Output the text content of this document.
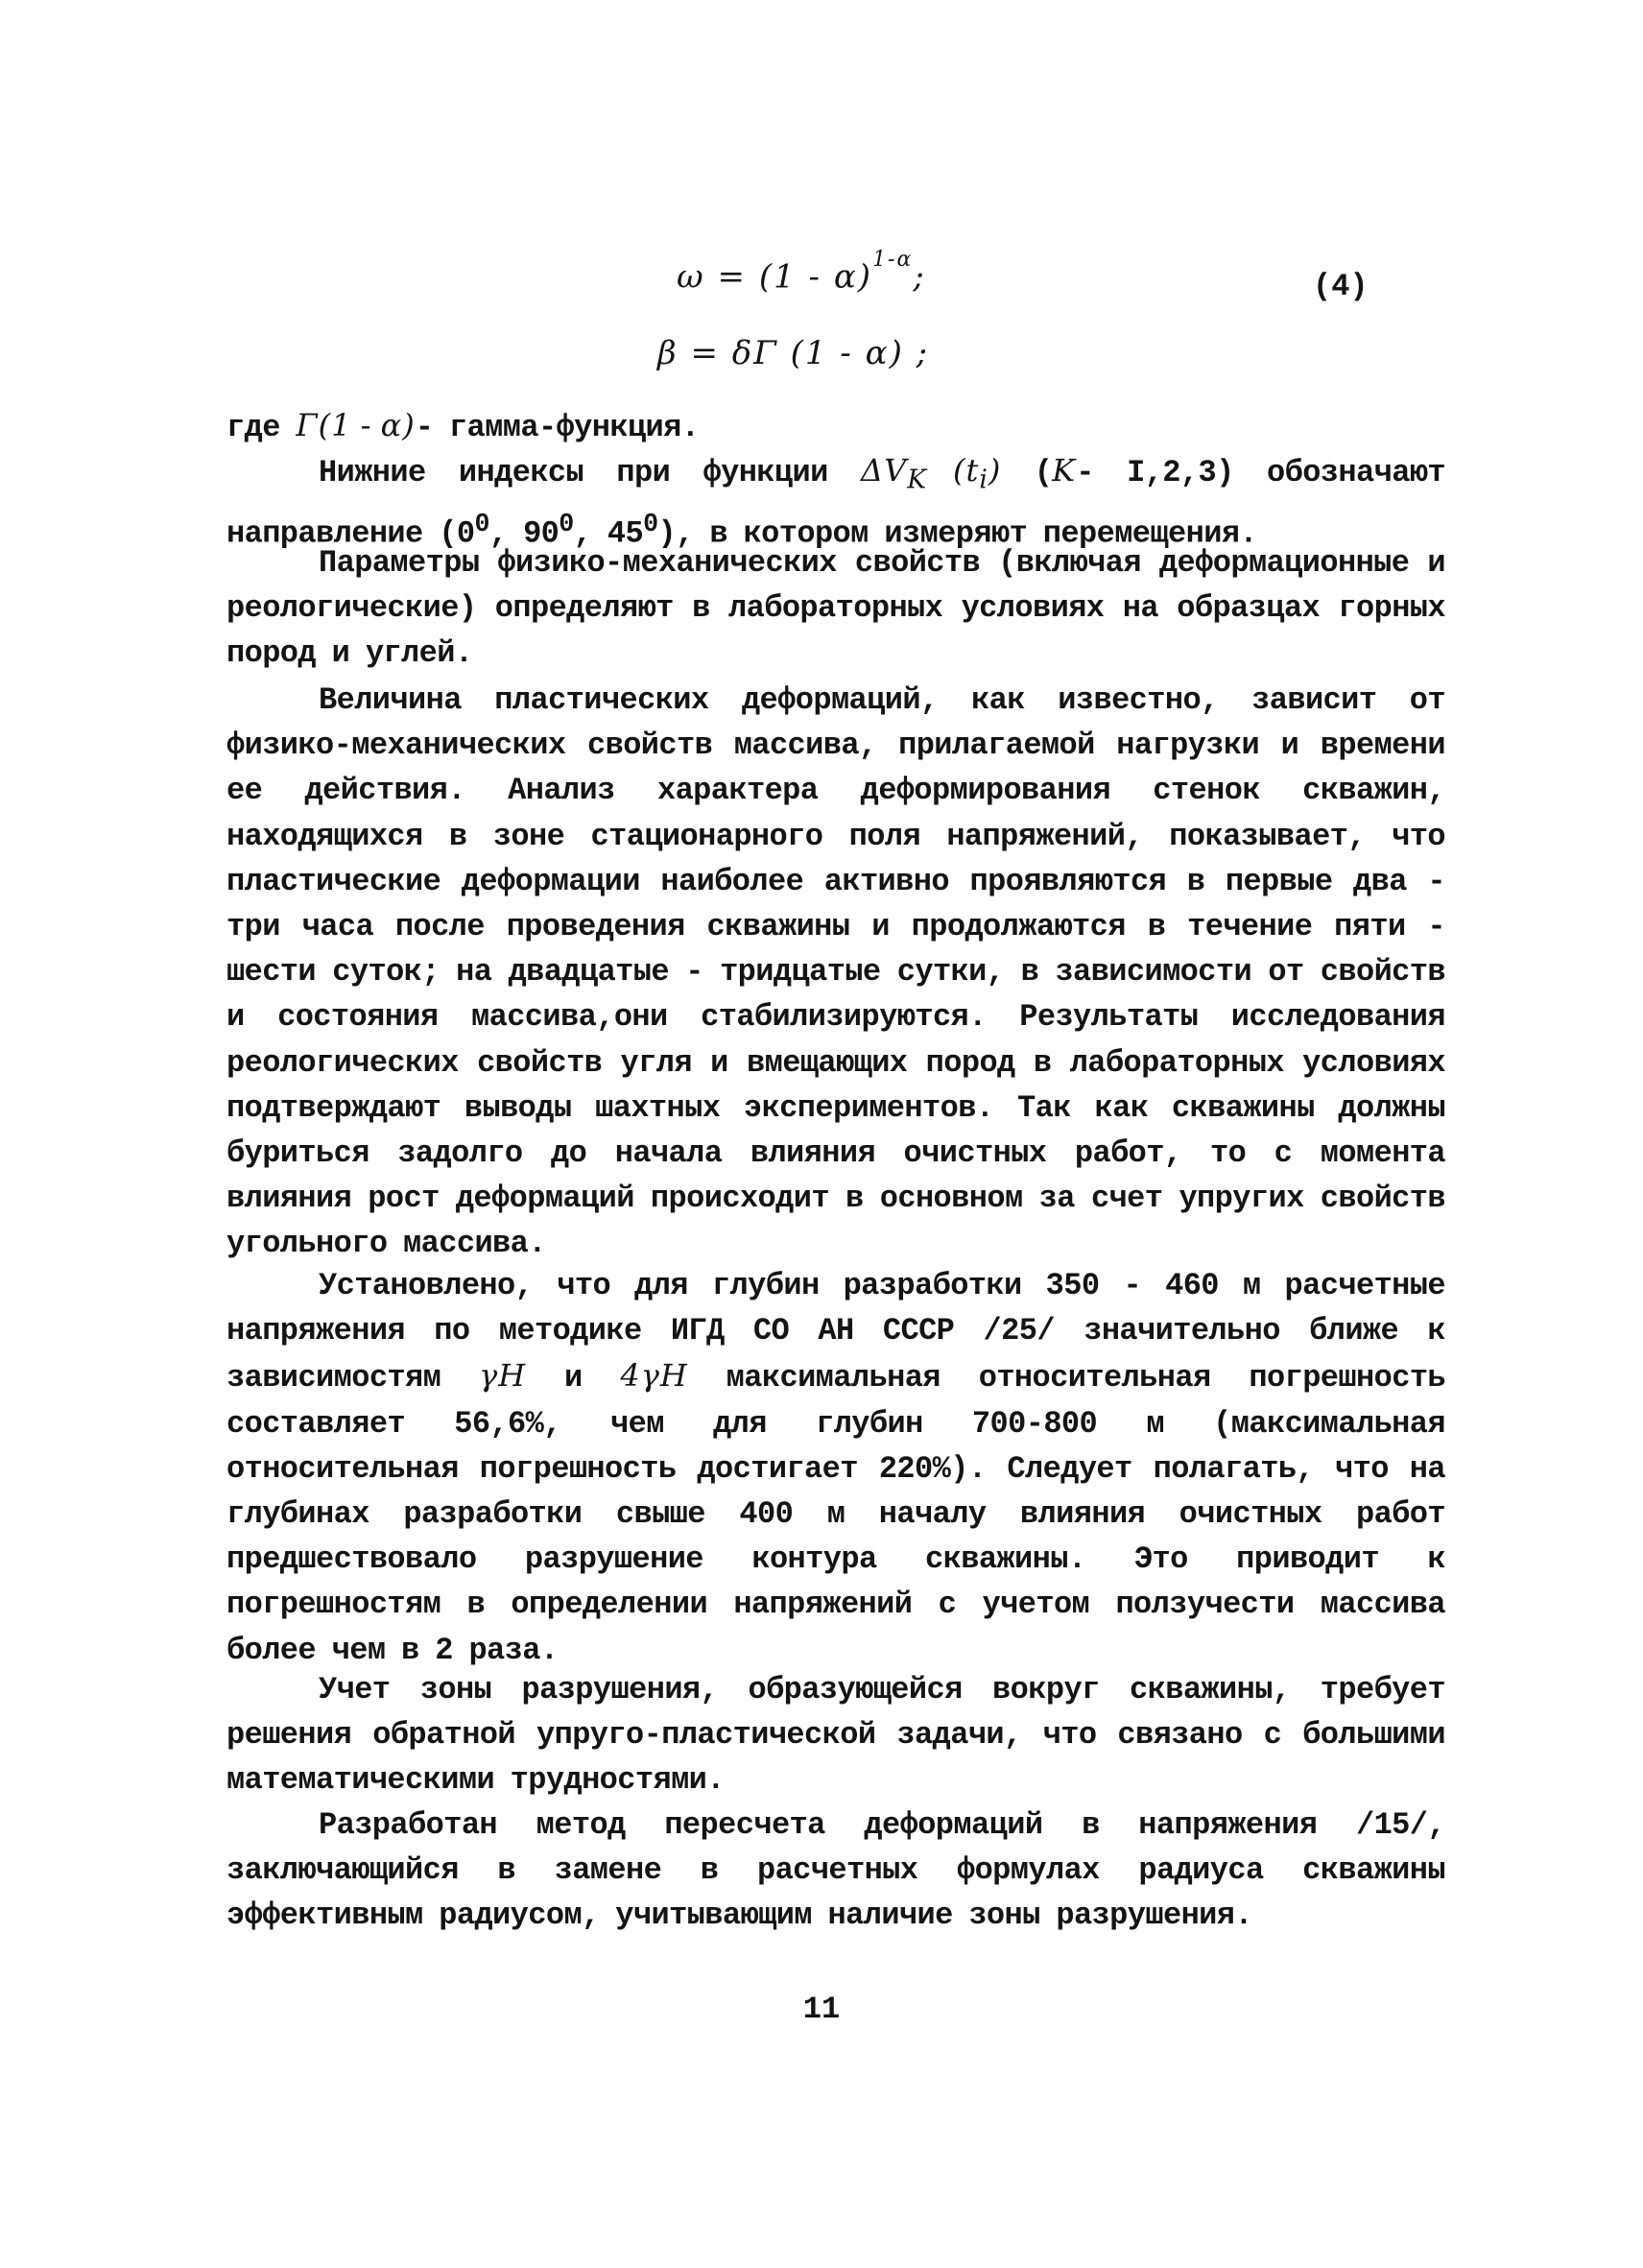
ω = (1 - α)$^{1-\alpha}$;	(4)
β = δΓ (1 - α) ;
где Γ(1 - α)- гамма-функция.
Нижние индексы при функции $\Delta V_K$ $(t_i)$ (K- I,2,3) обозначают направление ($0^0$, $90^0$, $45^0$), в котором измеряют перемещения.
Параметры физико-механических свойств (включая деформационные и реологические) определяют в лабораторных условиях на образцах горных пород и углей.
Величина пластических деформаций, как известно, зависит от физико-механических свойств массива, прилагаемой нагрузки и времени ее действия. Анализ характера деформирования стенок скважин, находящихся в зоне стационарного поля напряжений, показывает, что пластические деформации наиболее активно проявляются в первые два - три часа после проведения скважины и продолжаются в течение пяти - шести суток; на двадцатые - тридцатые сутки, в зависимости от свойств и состояния массива,они стабилизируются. Результаты исследования реологических свойств угля и вмещающих пород в лабораторных условиях подтверждают выводы шахтных экспериментов. Так как скважины должны буриться задолго до начала влияния очистных работ, то с момента влияния рост деформаций происходит в основном за счет упругих свойств угольного массива.
Установлено, что для глубин разработки 350 - 460 м расчетные напряжения по методике ИГД СО АН СССР /25/ значительно ближе к зависимостям γH и 4γH максимальная относительная погрешность составляет 56,6%, чем для глубин 700-800 м (максимальная относительная погрешность достигает 220%). Следует полагать, что на глубинах разработки свыше 400 м началу влияния очистных работ предшествовало разрушение контура скважины. Это приводит к погрешностям в определении напряжений с учетом ползучести массива более чем в 2 раза.
Учет зоны разрушения, образующейся вокруг скважины, требует решения обратной упруго-пластической задачи, что связано с большими математическими трудностями.
Разработан метод пересчета деформаций в напряжения /15/, заключающийся в замене в расчетных формулах радиуса скважины эффективным радиусом, учитывающим наличие зоны разрушения.
11
